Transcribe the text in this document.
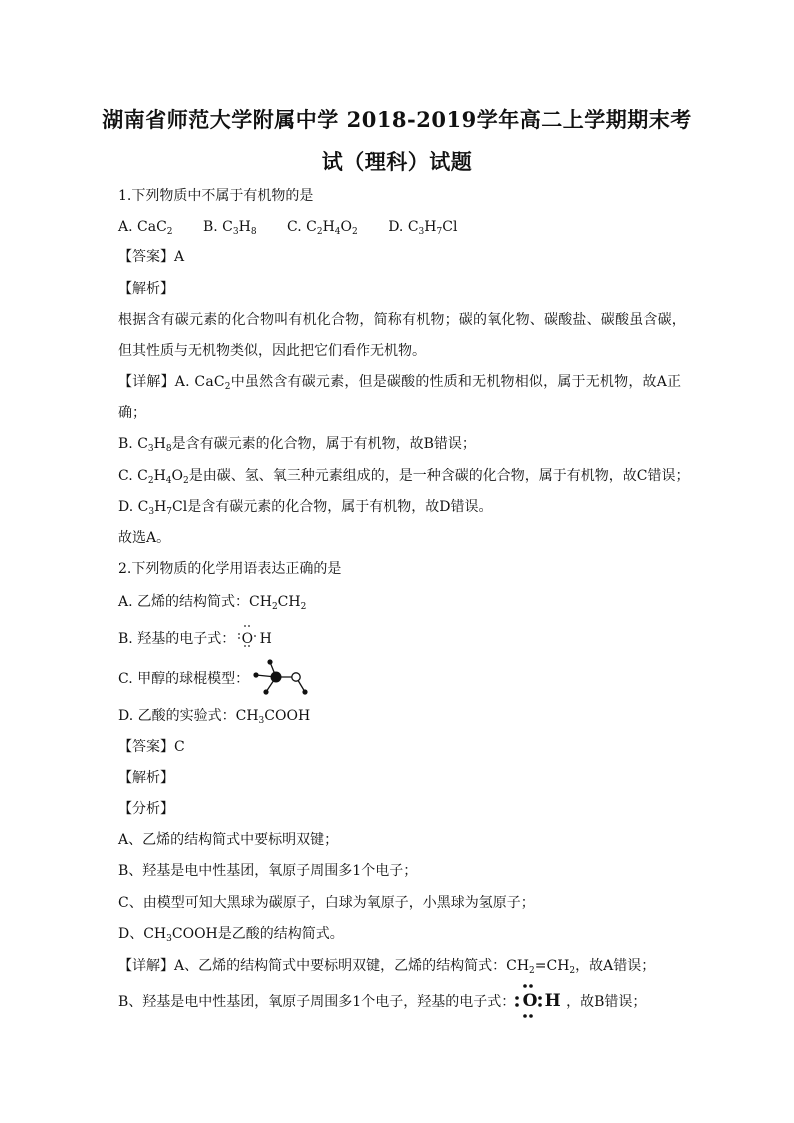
湖南省师范大学附属中学 2018-2019学年高二上学期期末考
试（理科）试题
1.下列物质中不属于有机物的是
A. CaC$_2$ B. $C_3H_8$ C. $C_2H_4O_2$ D. $C_3H_7Cl$
【答案】A
【解析】
根据含有碳元素的化合物叫有机化合物，简称有机物；碳的氧化物、碳酸盐、碳酸虽含碳，
但其性质与无机物类似，因此把它们看作无机物。
【详解】A. CaC$_2$中虽然含有碳元素，但是碳酸的性质和无机物相似，属于无机物，故A正
确；
B. $C_3H_8$是含有碳元素的化合物，属于有机物，故B错误；
C. $C_2H_4O_2$是由碳、氢、氧三种元素组成的，是一种含碳的化合物，属于有机物，故C错误；
D. $C_3H_7Cl$是含有碳元素的化合物，属于有机物，故D错误。
故选A。
2.下列物质的化学用语表达正确的是
A. 乙烯的结构简式：$CH_2CH_2$
B. 羟基的电子式： O H
C. 甲醇的球棍模型：
D. 乙酸的实验式：$CH_3COOH$
【答案】C
【解析】
【分析】
A、乙烯的结构简式中要标明双键；
B、羟基是电中性基团，氧原子周围多1个电子；
C、由模型可知大黑球为碳原子，白球为氧原子，小黑球为氢原子；
D、$CH_3COOH$是乙酸的结构简式。
【详解】A、乙烯的结构简式中要标明双键，乙烯的结构简式：$CH_2=CH_2$，故A错误；
B、羟基是电中性基团，氧原子周围多1个电子，羟基的电子式： O H ，故B错误；
